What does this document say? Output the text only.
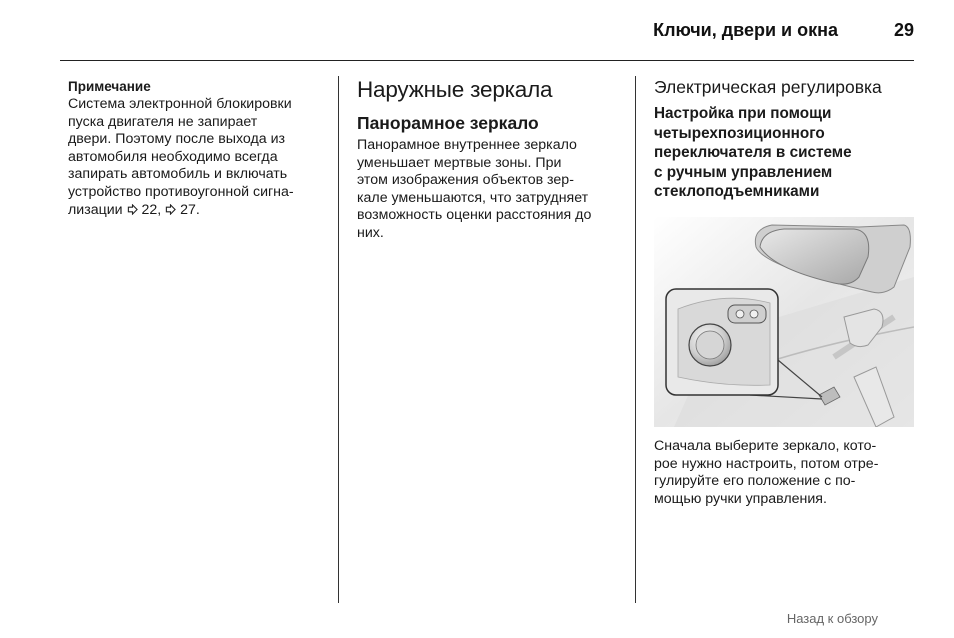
Ключи, двери и окна	29
Примечание

Система электронной блокировки
пуска двигателя не запирает
двери. Поэтому после выхода из
автомобиля необходимо всегда
запирать автомобиль и включать
устройство противоугонной сигна-
лизации 22, 27.

Наружные зеркала
Панорамное зеркало

Панорамное внутреннее зеркало
уменьшает мертвые зоны. При
этом изображения объектов зер-
кале уменьшаются, что затрудняет
возможность оценки расстояния до
них.

Электрическая регулировка

Настройка при помощи
четырехпозиционного
переключателя в системе
с ручным управлением
стеклоподъемниками

Сначала выберите зеркало, кото-
рое нужно настроить, потом отре-
гулируйте его положение с по-
мощью ручки управления.

Назад к обзору
